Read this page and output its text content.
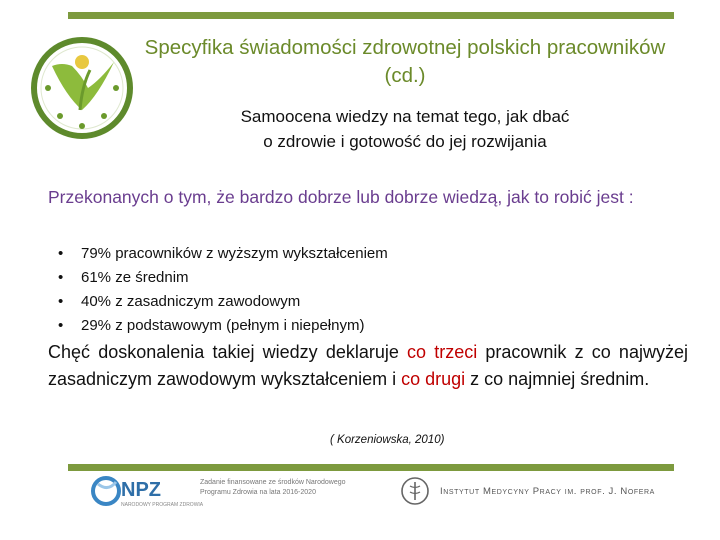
Specyfika świadomości zdrowotnej polskich pracowników (cd.)
Samoocena wiedzy na temat tego, jak dbać
o zdrowie i gotowość do jej rozwijania
Przekonanych o tym, że bardzo dobrze lub dobrze wiedzą, jak to robić jest :
• 79% pracowników z wyższym wykształceniem
• 61% ze średnim
• 40% z zasadniczym zawodowym
• 29% z podstawowym (pełnym i niepełnym)
Chęć doskonalenia takiej wiedzy deklaruje co trzeci pracownik z co najwyżej zasadniczym zawodowym wykształceniem i co drugi z co najmniej średnim.
( Korzeniowska, 2010)
NPZ
NARODOWY PROGRAM ZDROWIA
Zadanie finansowane ze środków Narodowego Programu Zdrowia na lata 2016-2020	Instytut Medycyny Pracy im. prof. J. Nofera
